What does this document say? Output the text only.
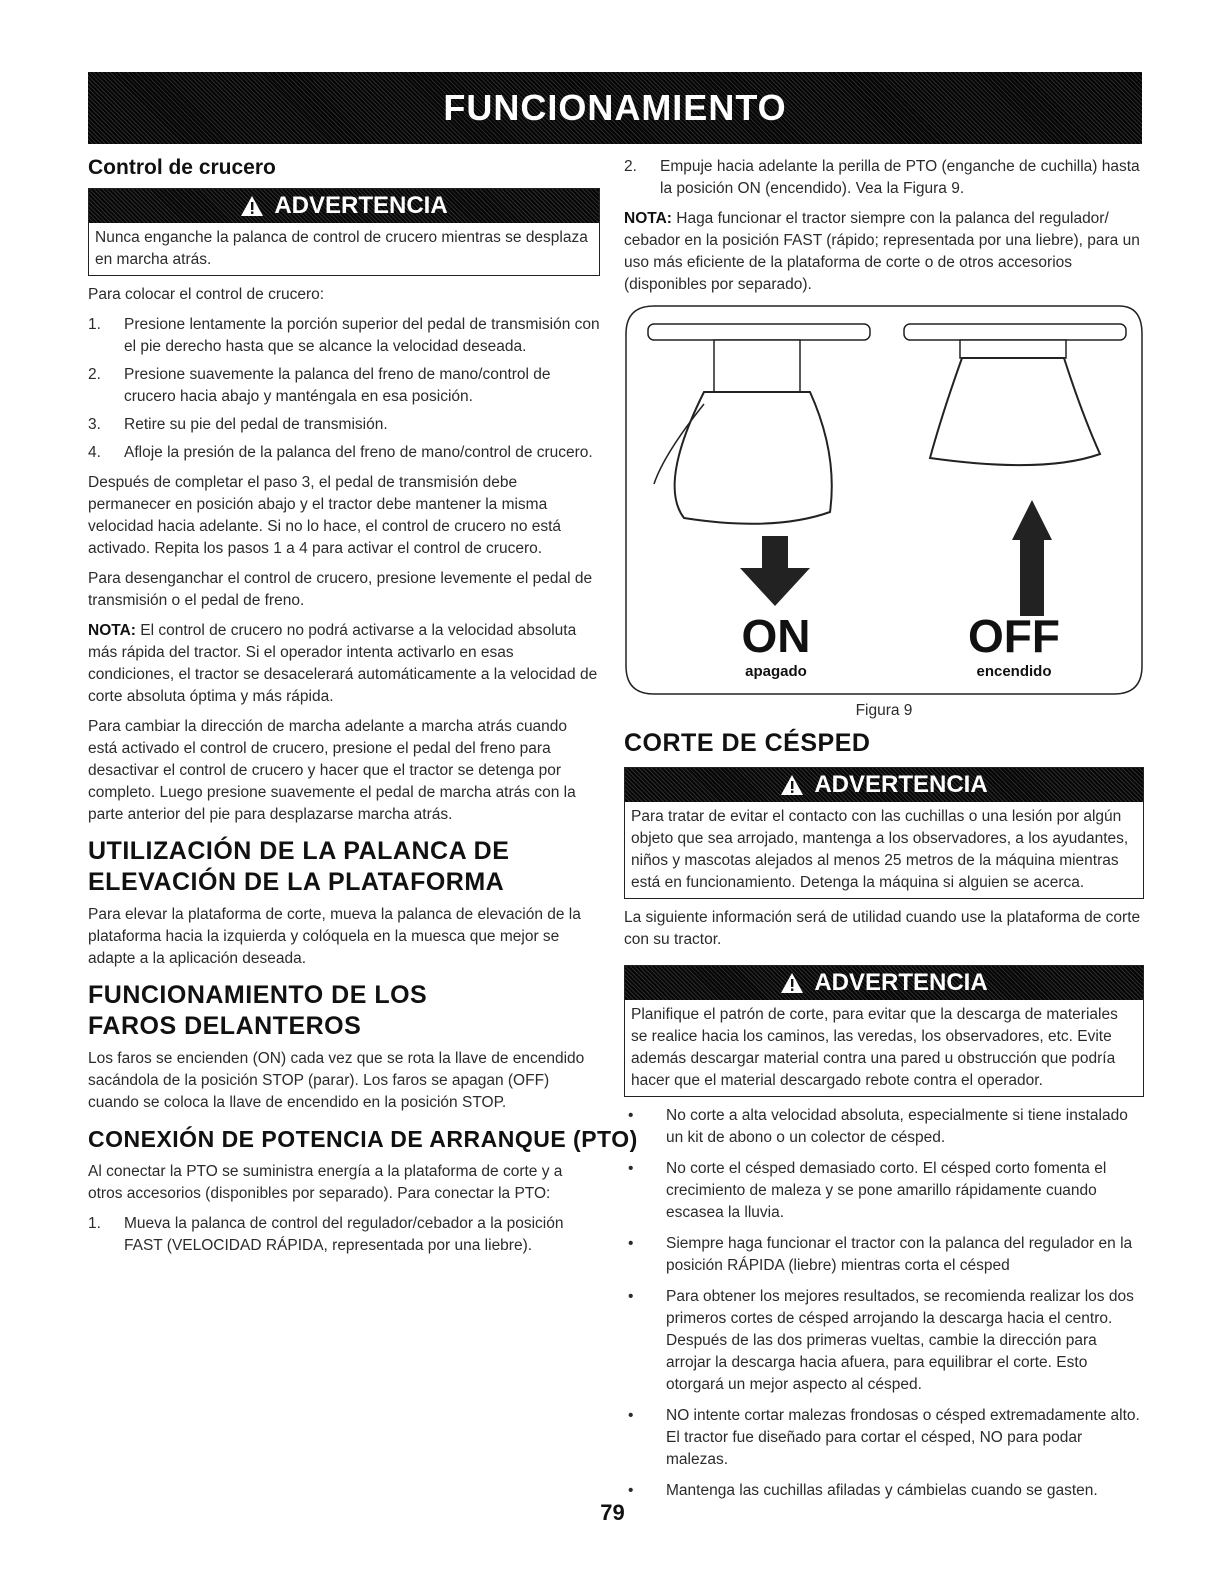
FUNCIONAMIENTO
Control de crucero
ADVERTENCIA

Nunca enganche la palanca de control de crucero mientras se desplaza en marcha atrás.

Para colocar el control de crucero:

1.	Presione lentamente la porción superior del pedal de transmisión con el pie derecho hasta que se alcance la velocidad deseada.
2.	Presione suavemente la palanca del freno de mano/control de crucero hacia abajo y manténgala en esa posición.
3.	Retire su pie del pedal de transmisión.
4.	Afloje la presión de la palanca del freno de mano/control de crucero.

Después de completar el paso 3, el pedal de transmisión debe permanecer en posición abajo y el tractor debe mantener la misma velocidad hacia adelante. Si no lo hace, el control de crucero no está activado. Repita los pasos 1 a 4 para activar el control de crucero.

Para desenganchar el control de crucero, presione levemente el pedal de transmisión o el pedal de freno.

NOTA: El control de crucero no podrá activarse a la velocidad absoluta más rápida del tractor. Si el operador intenta activarlo en esas condiciones, el tractor se desacelerará automáticamente a la velocidad de corte absoluta óptima y más rápida.

Para cambiar la dirección de marcha adelante a marcha atrás cuando está activado el control de crucero, presione el pedal del freno para desactivar el control de crucero y hacer que el tractor se detenga por completo. Luego presione suavemente el pedal de marcha atrás con la parte anterior del pie para desplazarse marcha atrás.

UTILIZACIÓN DE LA PALANCA DE
ELEVACIÓN DE LA PLATAFORMA

Para elevar la plataforma de corte, mueva la palanca de elevación de la plataforma hacia la izquierda y colóquela en la muesca que mejor se adapte a la aplicación deseada.

FUNCIONAMIENTO DE LOS
FAROS DELANTEROS

Los faros se encienden (ON) cada vez que se rota la llave de encendido sacándola de la posición STOP (parar). Los faros se apagan (OFF) cuando se coloca la llave de encendido en la posición STOP.

CONEXIÓN DE POTENCIA DE ARRANQUE (PTO)

Al conectar la PTO se suministra energía a la plataforma de corte y a otros accesorios (disponibles por separado). Para conectar la PTO:

1.	Mueva la palanca de control del regulador/cebador a la posición FAST (VELOCIDAD RÁPIDA, representada por una liebre).
2.	Empuje hacia adelante la perilla de PTO (enganche de cuchilla) hasta la posición ON (encendido). Vea la Figura 9.

NOTA: Haga funcionar el tractor siempre con la palanca del regulador/ cebador en la posición FAST (rápido; representada por una liebre), para un uso más eficiente de la plataforma de corte o de otros accesorios (disponibles por separado).

ON
apagado
OFF
encendido

Figura 9

CORTE DE CÉSPED
ADVERTENCIA

Para tratar de evitar el contacto con las cuchillas o una lesión por algún objeto que sea arrojado, mantenga a los observadores, a los ayudantes, niños y mascotas alejados al menos 25 metros de la máquina mientras está en funcionamiento. Detenga la máquina si alguien se acerca.

La siguiente información será de utilidad cuando use la plataforma de corte con su tractor.

ADVERTENCIA

Planifique el patrón de corte, para evitar que la descarga de materiales se realice hacia los caminos, las veredas, los observadores, etc. Evite además descargar material contra una pared u obstrucción que podría hacer que el material descargado rebote contra el operador.

•	No corte a alta velocidad absoluta, especialmente si tiene instalado un kit de abono o un colector de césped.
•	No corte el césped demasiado corto. El césped corto fomenta el crecimiento de maleza y se pone amarillo rápidamente cuando escasea la lluvia.
•	Siempre haga funcionar el tractor con la palanca del regulador en la posición RÁPIDA (liebre) mientras corta el césped
•	Para obtener los mejores resultados, se recomienda realizar los dos primeros cortes de césped arrojando la descarga hacia el centro. Después de las dos primeras vueltas, cambie la dirección para arrojar la descarga hacia afuera, para equilibrar el corte. Esto otorgará un mejor aspecto al césped.
•	NO intente cortar malezas frondosas o césped extremadamente alto. El tractor fue diseñado para cortar el césped, NO para podar malezas.
•	Mantenga las cuchillas afiladas y cámbielas cuando se gasten.
79
